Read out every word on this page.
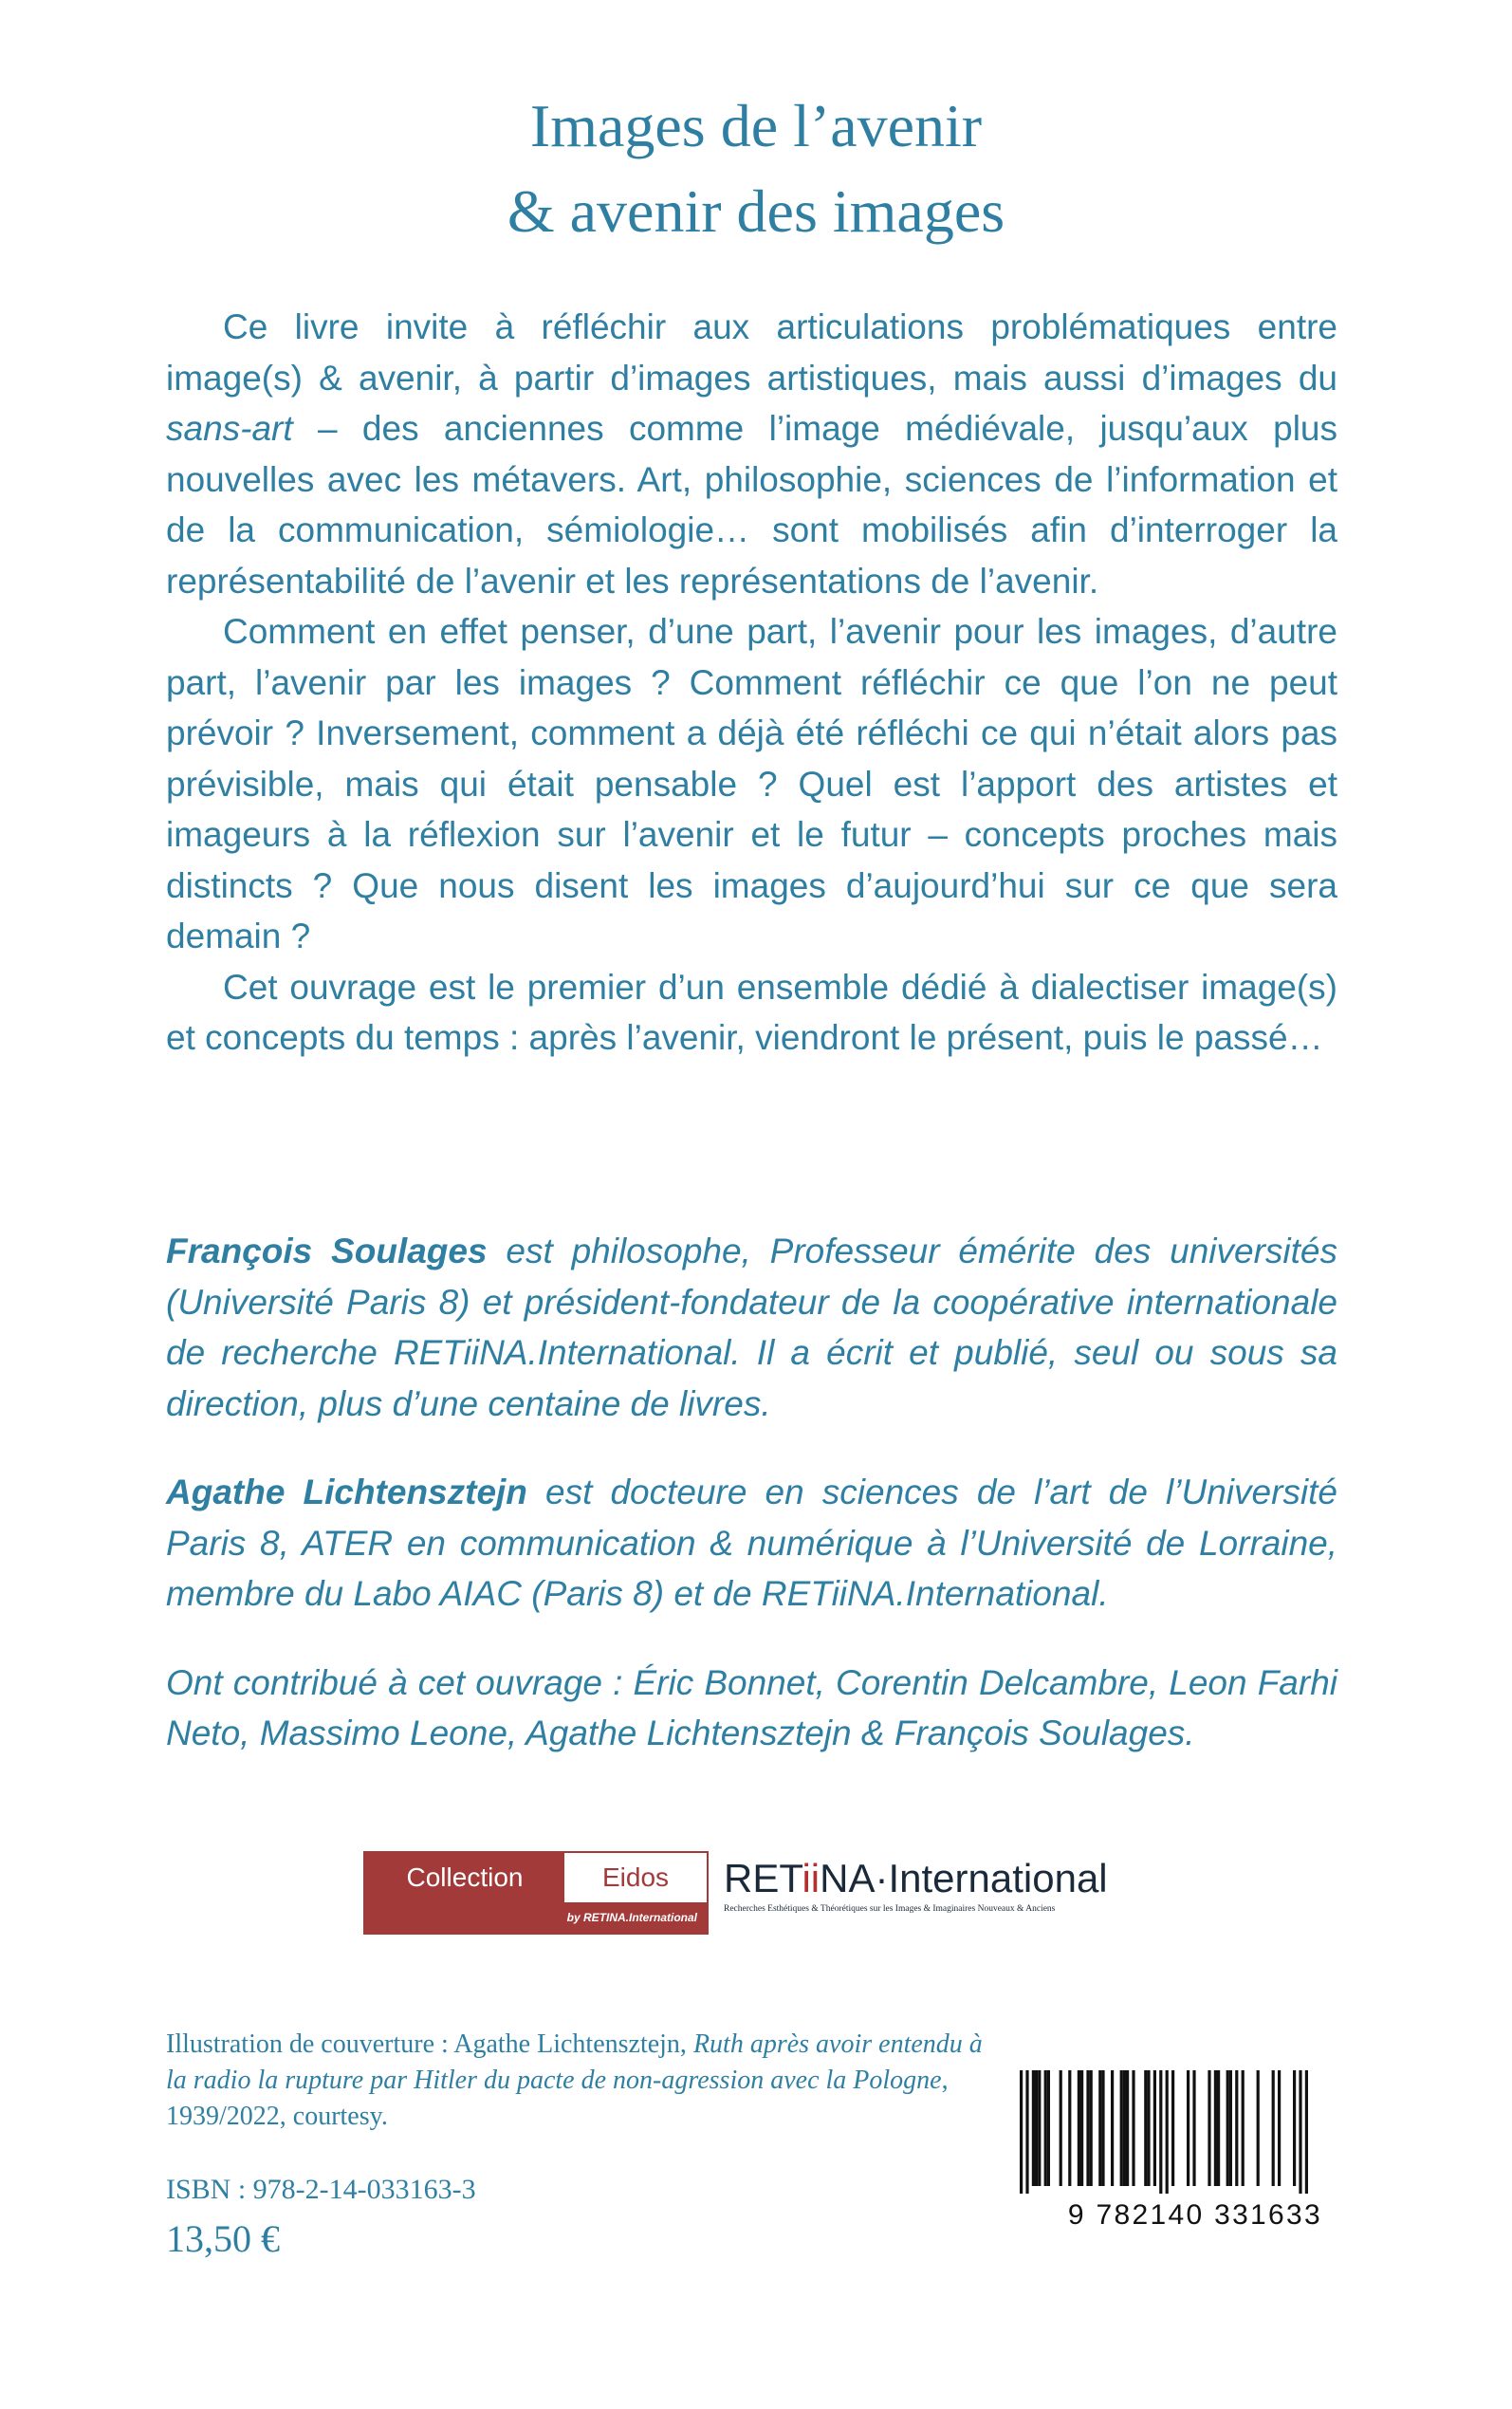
Images de l’avenir
& avenir des images

Ce livre invite à réfléchir aux articulations problématiques entre image(s) & avenir, à partir d’images artistiques, mais aussi d’images du sans-art – des anciennes comme l’image médiévale, jusqu’aux plus nouvelles avec les métavers. Art, philosophie, sciences de l’information et de la communication, sémiologie… sont mobilisés afin d’interroger la représentabilité de l’avenir et les représentations de l’avenir.

Comment en effet penser, d’une part, l’avenir pour les images, d’autre part, l’avenir par les images ? Comment réfléchir ce que l’on ne peut prévoir ? Inversement, comment a déjà été réfléchi ce qui n’était alors pas prévisible, mais qui était pensable ? Quel est l’apport des artistes et imageurs à la réflexion sur l’avenir et le futur – concepts proches mais distincts ? Que nous disent les images d’aujourd’hui sur ce que sera demain ?

Cet ouvrage est le premier d’un ensemble dédié à dialectiser image(s) et concepts du temps : après l’avenir, viendront le présent, puis le passé…

François Soulages est philosophe, Professeur émérite des universités (Université Paris 8) et président-fondateur de la coopérative internationale de recherche RETiiNA.International. Il a écrit et publié, seul ou sous sa direction, plus d’une centaine de livres.

Agathe Lichtensztejn est docteure en sciences de l’art de l’Université Paris 8, ATER en communication & numérique à l’Université de Lorraine, membre du Labo AIAC (Paris 8) et de RETiiNA.International.

Ont contribué à cet ouvrage : Éric Bonnet, Corentin Delcambre, Leon Farhi Neto, Massimo Leone, Agathe Lichtensztejn & François Soulages.

Collection	Eidos
by RETINA.International
RETiiNA·International
Recherches Esthétiques & Théorétiques sur les Images & Imaginaires Nouveaux & Anciens
Illustration de couverture : Agathe Lichtensztejn, Ruth après avoir entendu à la radio la rupture par Hitler du pacte de non-agression avec la Pologne, 1939/2022, courtesy.
ISBN : 978-2-14-033163-3
13,50 €
9 782140 331633
